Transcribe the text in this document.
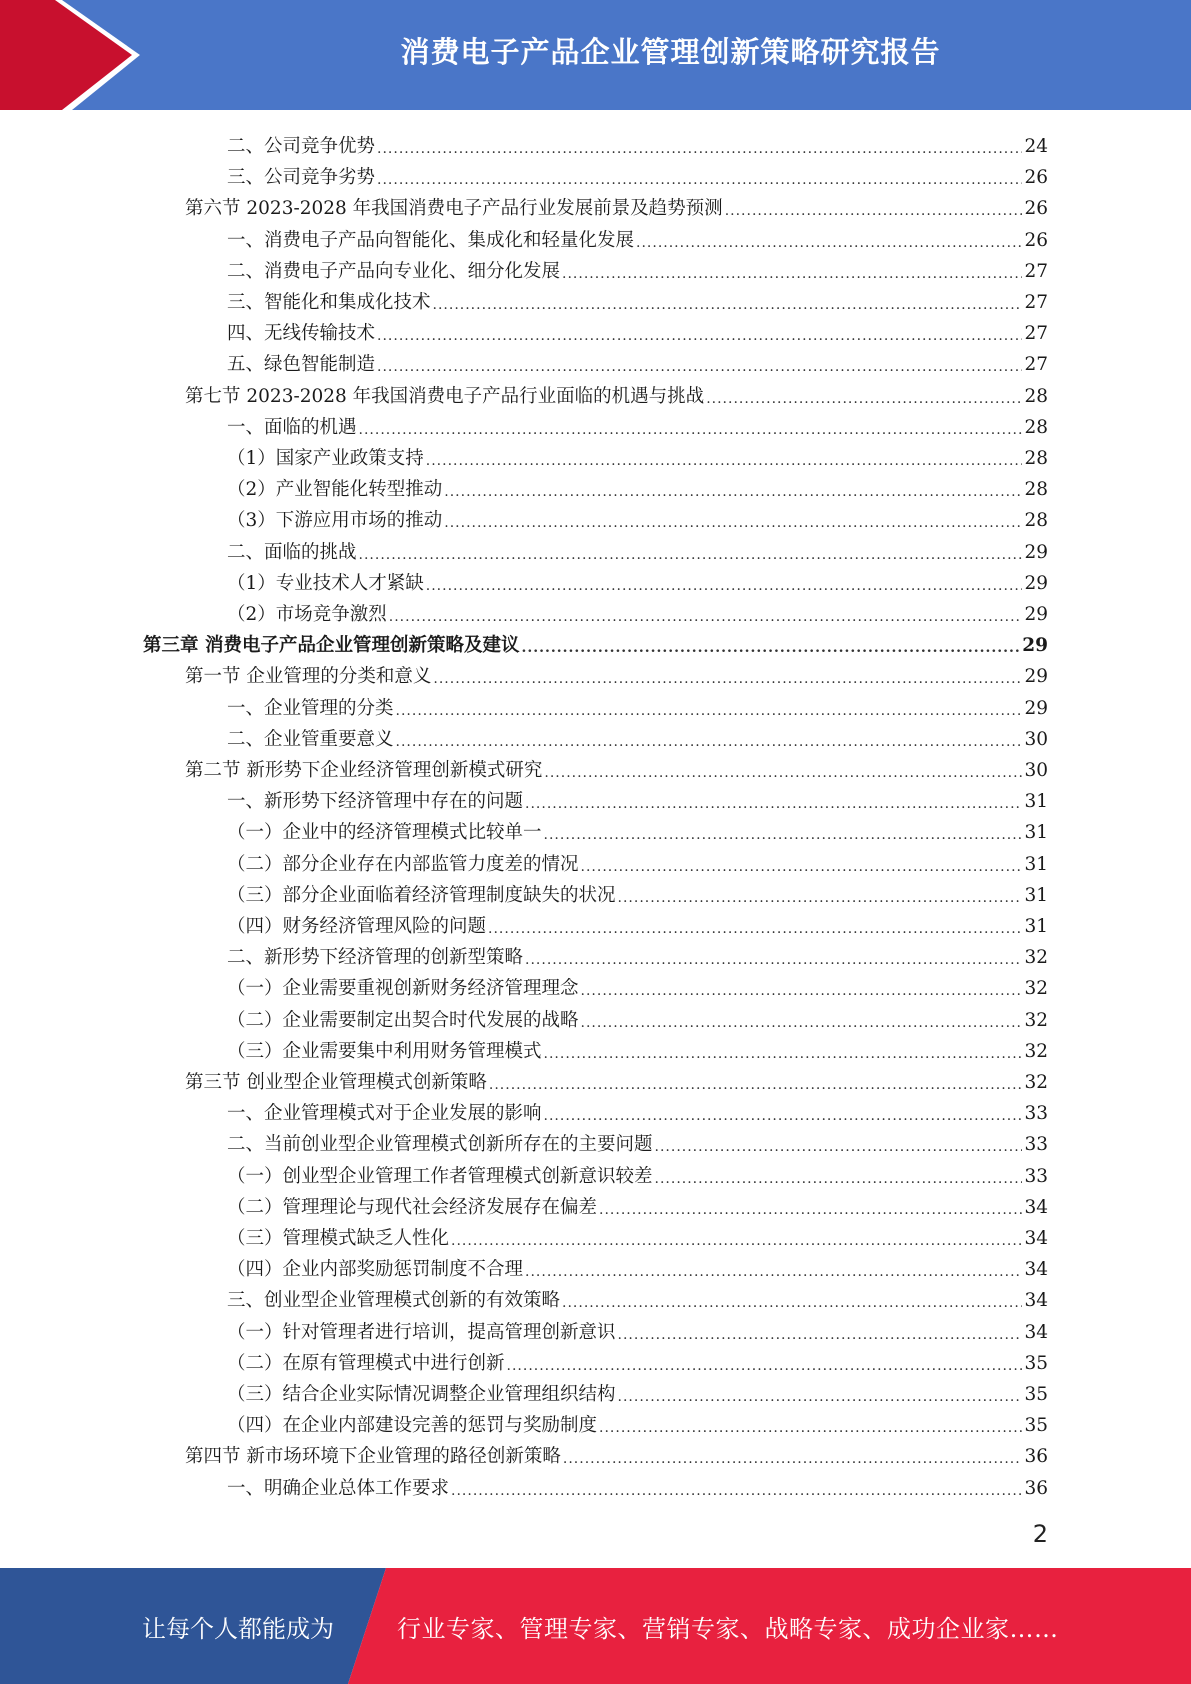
消费电子产品企业管理创新策略研究报告
二、公司竞争优势 .....	24
三、公司竞争劣势 .....	26
第六节 2023-2028 年我国消费电子产品行业发展前景及趋势预测 .....	26
一、消费电子产品向智能化、集成化和轻量化发展 .....	26
二、消费电子产品向专业化、细分化发展 .....	27
三、智能化和集成化技术 .....	27
四、无线传输技术 .....	27
五、绿色智能制造 .....	27
第七节 2023-2028 年我国消费电子产品行业面临的机遇与挑战 .....	28
一、面临的机遇 .....	28
（1）国家产业政策支持 .....	28
（2）产业智能化转型推动 .....	28
（3）下游应用市场的推动 .....	28
二、面临的挑战 .....	29
（1）专业技术人才紧缺 .....	29
（2）市场竞争激烈 .....	29
第三章 消费电子产品企业管理创新策略及建议 .....	29
第一节 企业管理的分类和意义 .....	29
一、企业管理的分类 .....	29
二、企业管重要意义 .....	30
第二节 新形势下企业经济管理创新模式研究 .....	30
一、新形势下经济管理中存在的问题 .....	31
（一）企业中的经济管理模式比较单一 .....	31
（二）部分企业存在内部监管力度差的情况 .....	31
（三）部分企业面临着经济管理制度缺失的状况 .....	31
（四）财务经济管理风险的问题 .....	31
二、新形势下经济管理的创新型策略 .....	32
（一）企业需要重视创新财务经济管理理念 .....	32
（二）企业需要制定出契合时代发展的战略 .....	32
（三）企业需要集中利用财务管理模式 .....	32
第三节 创业型企业管理模式创新策略 .....	32
一、企业管理模式对于企业发展的影响 .....	33
二、当前创业型企业管理模式创新所存在的主要问题 .....	33
（一）创业型企业管理工作者管理模式创新意识较差 .....	33
（二）管理理论与现代社会经济发展存在偏差 .....	34
（三）管理模式缺乏人性化 .....	34
（四）企业内部奖励惩罚制度不合理 .....	34
三、创业型企业管理模式创新的有效策略 .....	34
（一）针对管理者进行培训，提高管理创新意识 .....	34
（二）在原有管理模式中进行创新 .....	35
（三）结合企业实际情况调整企业管理组织结构 .....	35
（四）在企业内部建设完善的惩罚与奖励制度 .....	35
第四节 新市场环境下企业管理的路径创新策略 .....	36
一、明确企业总体工作要求 .....	36
2
让每个人都能成为	行业专家、管理专家、营销专家、战略专家、成功企业家……
